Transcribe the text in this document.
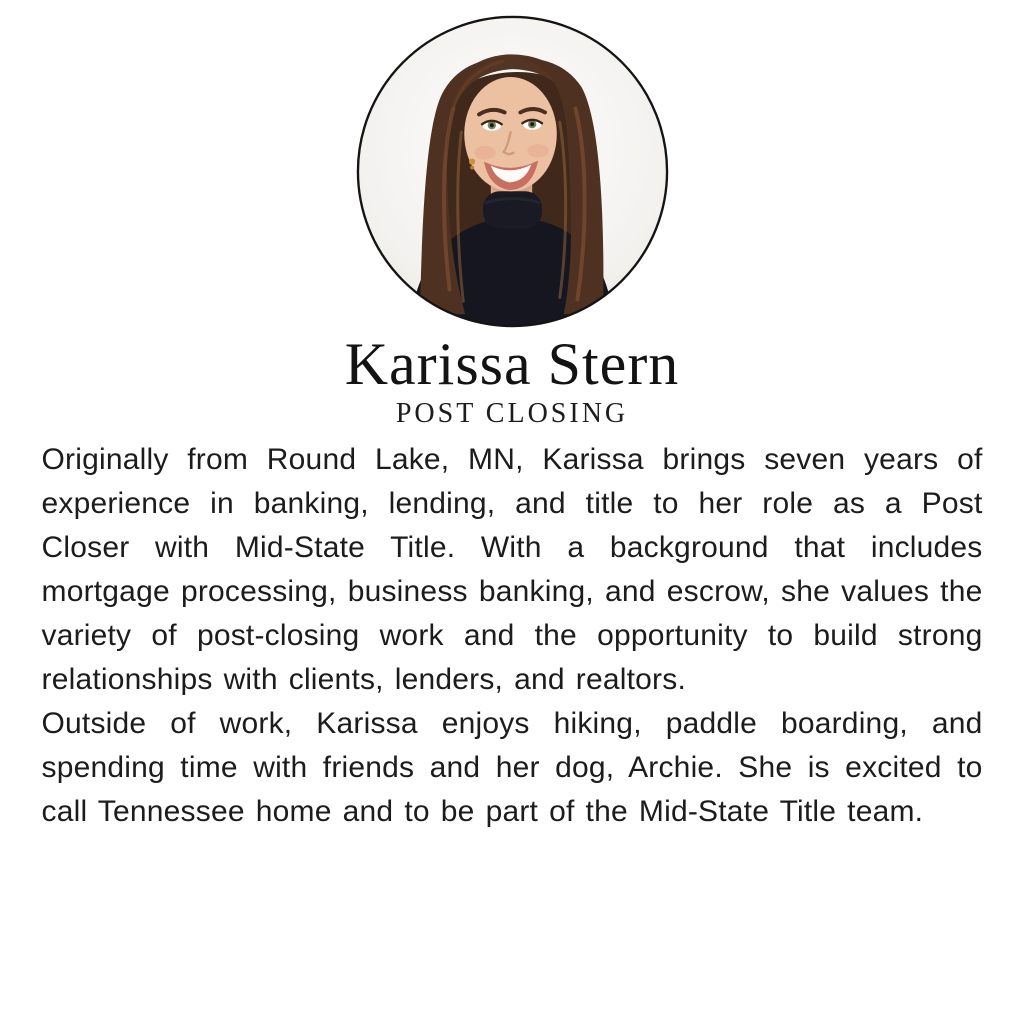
Karissa Stern
POST CLOSING

Originally from Round Lake, MN, Karissa brings seven years of experience in banking, lending, and title to her role as a Post Closer with Mid-State Title. With a background that includes mortgage processing, business banking, and escrow, she values the variety of post-closing work and the opportunity to build strong relationships with clients, lenders, and realtors.

Outside of work, Karissa enjoys hiking, paddle boarding, and spending time with friends and her dog, Archie. She is excited to call Tennessee home and to be part of the Mid-State Title team.
